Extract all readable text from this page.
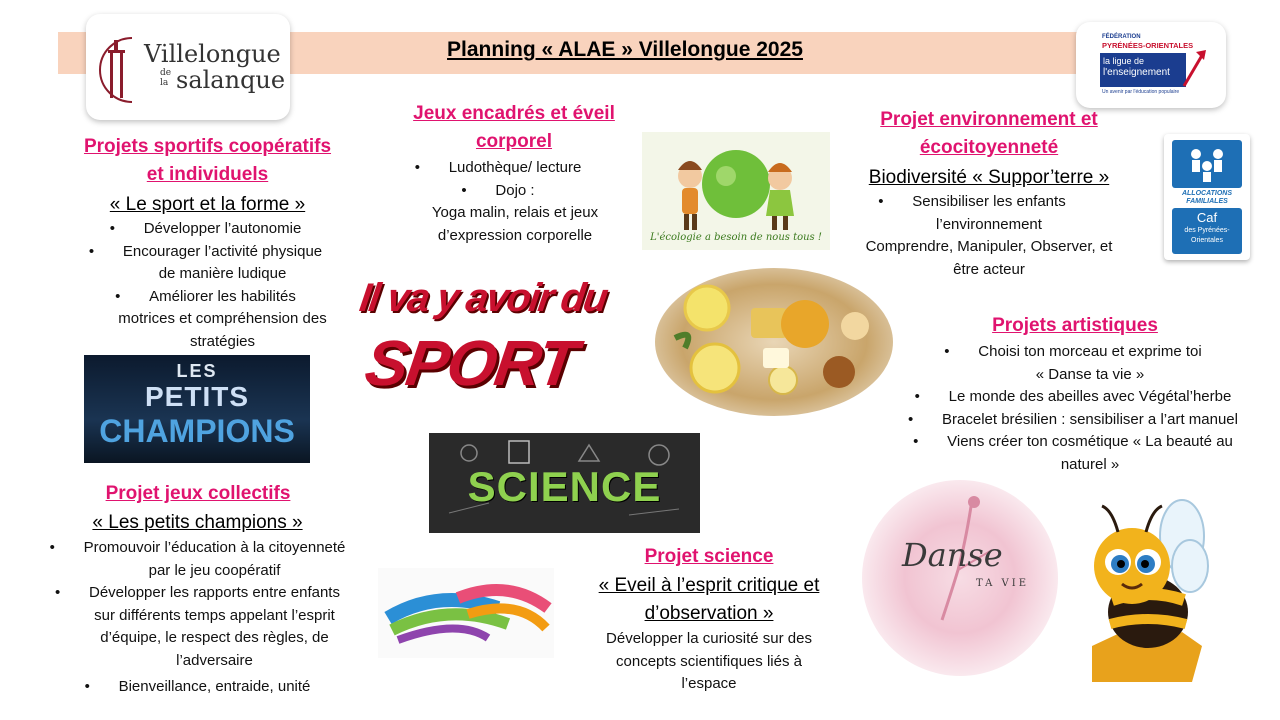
Planning « ALAE » Villelongue 2025
Villelongue
de
la salanque
FÉDÉRATION
PYRÉNÉES-ORIENTALES
la ligue de
l'enseignement
Un avenir par l'éducation populaire
ALLOCATIONS
FAMILIALES
Caf
des Pyrénées-
Orientales
Projets sportifs coopératifs
et individuels
« Le sport et la forme »
• Développer l’autonomie
• Encourager l’activité physique
de manière ludique
• Améliorer les habilités
motrices et compréhension des
stratégies
LES
PETITS
CHAMPIONS
Jeux encadrés et éveil
corporel
• Ludothèque/ lecture
• Dojo :
Yoga malin, relais et jeux
d’expression corporelle	L'écologie a besoin de nous tous !
Projet environnement et
écocitoyenneté
Biodiversité « Suppor’terre »
• Sensibiliser les enfants
l’environnement
Comprendre, Manipuler, Observer, et
être acteur
Il va y avoir du
SPORT
Projets artistiques
• Choisi ton morceau et exprime toi
« Danse ta vie »
• Le monde des abeilles avec Végétal’herbe
• Bracelet brésilien : sensibiliser a l’art manuel
• Viens créer ton cosmétique « La beauté au
naturel »
SCIENCE
Projet jeux collectifs
« Les petits champions »
• Promouvoir l’éducation à la citoyenneté
par le jeu coopératif
• Développer les rapports entre enfants
sur différents temps appelant l’esprit
d’équipe, le respect des règles, de
l’adversaire
• Bienveillance, entraide, unité
Projet science
« Eveil à l’esprit critique et
d’observation »
Développer la curiosité sur des
concepts scientifiques liés à
l’espace
Danse
TA VIE
